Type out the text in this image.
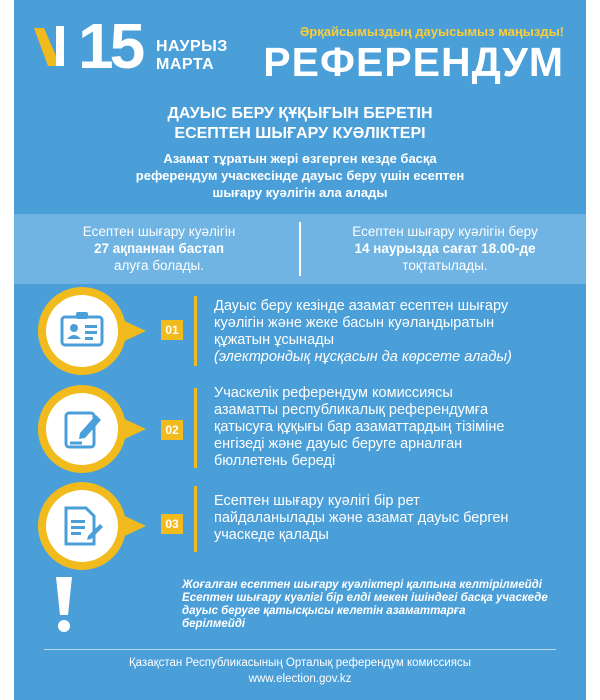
15 НАУРЫЗ
МАРТА
Әрқайсымыздың дауысымыз маңызды!
РЕФЕРЕНДУМ
ДАУЫС БЕРУ ҚҰҚЫҒЫН БЕРЕТІН
ЕСЕПТЕН ШЫҒАРУ КУӘЛІКТЕРІ
Азамат тұратын жері өзгерген кезде басқа
референдум учаскесінде дауыс беру үшін есептен
шығару куәлігін ала алады
Есептен шығару куәлігін
27 ақпаннан бастап
алуға болады.
Есептен шығару куәлігін беру
14 наурызда сағат 18.00-де
тоқтатылады.
01
Дауыс беру кезінде азамат есептен шығару
куәлігін және жеке басын куәландыратын
құжатын ұсынады
(электрондық нұсқасын да көрсете алады)
02
Учаскелік референдум комиссиясы
азаматты республикалық референдумға
қатысуға құқығы бар азаматтардың тізіміне
енгізеді және дауыс беруге арналған
бюллетень береді
03
Есептен шығару куәлігі бір рет
пайдаланылады және азамат дауыс берген
учаскеде қалады
Жоғалған есептен шығару куәліктері қалпына келтірілмейді
Есептен шығару куәлігі бір елді мекен ішіндегі басқа учаскеде
дауыс беруге қатысқысы келетін азаматтарға
берілмейді
Қазақстан Республикасының Орталық референдум комиссиясы
www.election.gov.kz
